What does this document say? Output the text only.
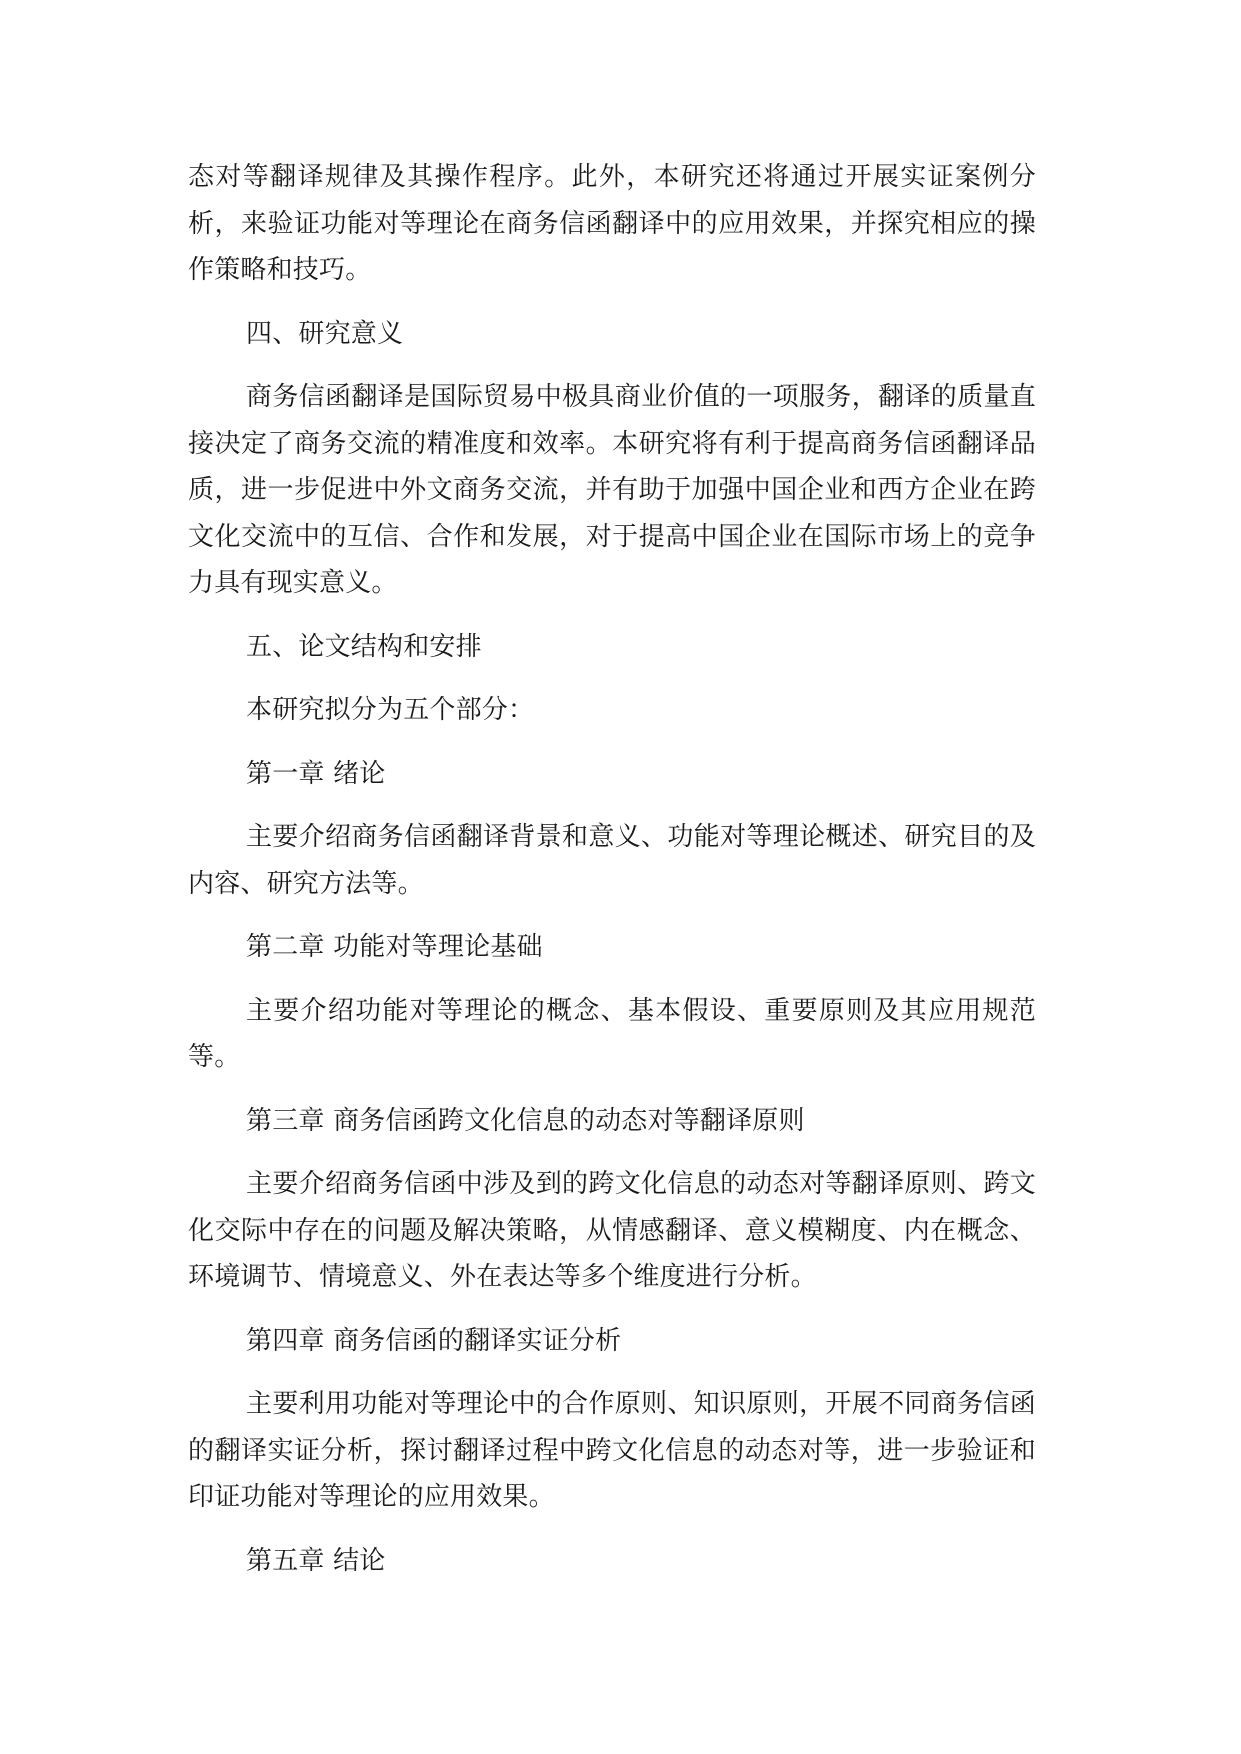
态对等翻译规律及其操作程序。此外，本研究还将通过开展实证案例分析，来验证功能对等理论在商务信函翻译中的应用效果，并探究相应的操作策略和技巧。

四、研究意义

商务信函翻译是国际贸易中极具商业价值的一项服务，翻译的质量直接决定了商务交流的精准度和效率。本研究将有利于提高商务信函翻译品质，进一步促进中外文商务交流，并有助于加强中国企业和西方企业在跨文化交流中的互信、合作和发展，对于提高中国企业在国际市场上的竞争力具有现实意义。

五、论文结构和安排

本研究拟分为五个部分：

第一章 绪论

主要介绍商务信函翻译背景和意义、功能对等理论概述、研究目的及内容、研究方法等。

第二章 功能对等理论基础

主要介绍功能对等理论的概念、基本假设、重要原则及其应用规范等。

第三章 商务信函跨文化信息的动态对等翻译原则

主要介绍商务信函中涉及到的跨文化信息的动态对等翻译原则、跨文化交际中存在的问题及解决策略，从情感翻译、意义模糊度、内在概念、环境调节、情境意义、外在表达等多个维度进行分析。

第四章 商务信函的翻译实证分析

主要利用功能对等理论中的合作原则、知识原则，开展不同商务信函的翻译实证分析，探讨翻译过程中跨文化信息的动态对等，进一步验证和印证功能对等理论的应用效果。

第五章 结论
